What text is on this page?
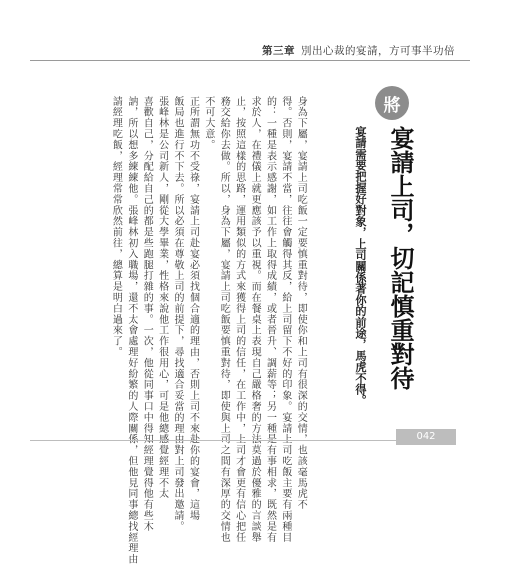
第三章 別出心裁的宴請，方可事半功倍
將
宴請上司，切記慎重對待
宴請需要把握好對象，上司關係著你的前途，馬虎不得。

身為下屬，宴請上司吃飯一定要慎重對待，即使你和上司有很深的交情，也該毫馬虎不

得。否則，宴請不當，往往會觸得其反，給上司留下不好的印象。宴請上司吃飯主要有兩種目

的：一種是表示感謝，如工作上取得成績，或者晉升、調薪等；另一種是有事相求，既然是有

求於人，在禮儀上就更應該予以重視。而在餐桌上表現自己嚴格奢的方法莫過於優雅的言談舉

止，按照這樣的思路，運用類似的方式來獲得上司的信任，在工作中，上司才會更有信心把任

務交給你去做。所以，身為下屬，宴請上司吃飯要慎重對待，即使與上司之間有深厚的交情也

不可大意。

正所謂無功不受祿，宴請上司赴宴必須找個合適的理由，否則上司不來赴你的宴會，這場

飯局也進行不下去。所以必須在尊敬上司的前提下，尋找適合妥當的理由對上司發出邀請。

張峰林是公司新人，剛從大學畢業，性格來說他工作很用心，可是他總感覺經理不太

喜歡自己，分配給自己的都是些跑腿打雜的事。一次，他從同事口中得知經理覺得他有些木

訥，所以想多練練他。張峰林初入職場，還不太會處理好紛繁的人際關係，但他見同事總找經理由

請經理吃飯，經理常常欣然前往，總算是明白過來了。

042
